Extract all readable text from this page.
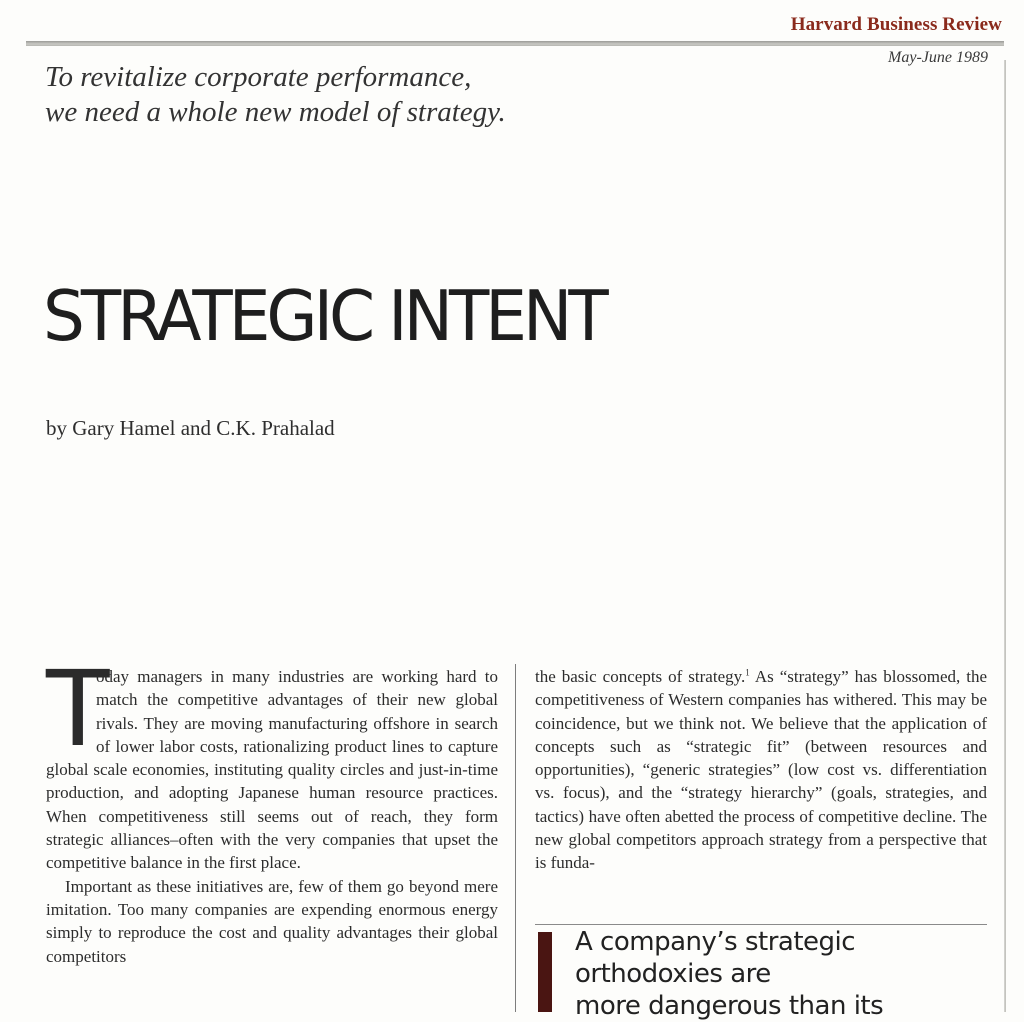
Harvard Business Review
May-June 1989
To revitalize corporate performance,
we need a whole new model of strategy.
STRATEGIC INTENT
by Gary Hamel and C.K. Prahalad

T
oday managers in many industries are working hard to match the competitive advantages of their new global rivals. They are moving manufacturing offshore in search of lower labor costs, rationalizing product lines to capture global scale economies, instituting quality circles and just-in-time production, and adopting Japanese human resource practices. When competitiveness still seems out of reach, they form strategic alliances–often with the very companies that upset the competitive balance in the first place.

Important as these initiatives are, few of them go beyond mere imitation. Too many companies are expending enormous energy simply to reproduce the cost and quality advantages their global competitors

the basic concepts of strategy.$^1$ As “strategy” has blossomed, the competitiveness of Western companies has withered. This may be coincidence, but we think not. We believe that the application of concepts such as “strategic fit” (between resources and opportunities), “generic strategies” (low cost vs. differentiation vs. focus), and the “strategy hierarchy” (goals, strategies, and tactics) have often abetted the process of competitive decline. The new global competitors approach strategy from a perspective that is funda-

A company’s strategic
orthodoxies are
more dangerous than its
